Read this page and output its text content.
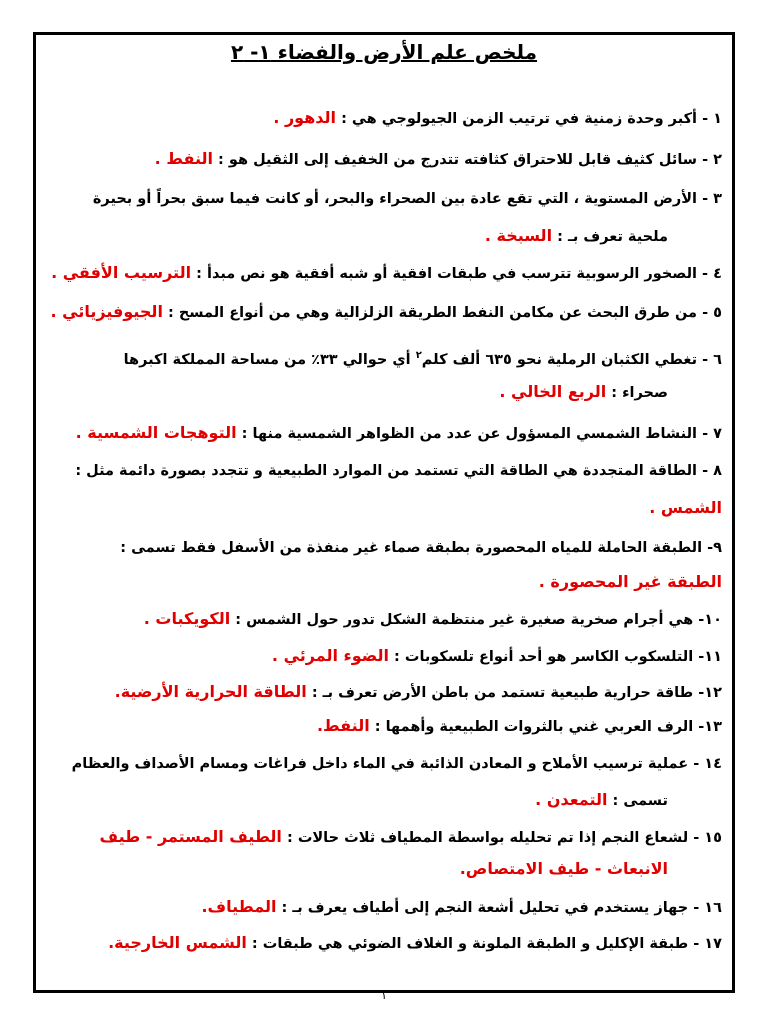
ملخص علم الأرض والفضاء ١- ٢
١ - أكبر وحدة زمنية في ترتيب الزمن الجيولوجي هي : الدهور .
٢ - سائل كثيف قابل للاحتراق كثافته تتدرج من الخفيف إلى الثقيل هو : النفط .
٣ - الأرض المستوية ، التي تقع عادة بين الصحراء والبحر، أو كانت فيما سبق بحراً أو بحيرة
ملحية تعرف بـ : السبخة .
٤ - الصخور الرسوبية تترسب في طبقات افقية أو شبه أفقية هو نص مبدأ : الترسيب الأفقي .
٥ - من طرق البحث عن مكامن النفط الطريقة الزلزالية وهي من أنواع المسح : الجيوفيزيائي .
٦ - تغطي الكثبان الرملية نحو ٦٣٥ ألف كلم$^٢$ أي حوالي ٣٣٪ من مساحة المملكة اكبرها
صحراء : الربع الخالي .
٧ - النشاط الشمسي المسؤول عن عدد من الظواهر الشمسية منها : التوهجات الشمسية .
٨ - الطاقة المتجددة هي الطاقة التي تستمد من الموارد الطبيعية و تتجدد بصورة دائمة مثل :
الشمس .
٩- الطبقة الحاملة للمياه المحصورة بطبقة صماء غير منفذة من الأسفل فقط تسمى :
الطبقة غير المحصورة .
١٠- هي أجرام صخرية صغيرة غير منتظمة الشكل تدور حول الشمس : الكويكبات .
١١- التلسكوب الكاسر هو أحد أنواع تلسكوبات : الضوء المرئي .
١٢- طاقة حرارية طبيعية تستمد من باطن الأرض تعرف بـ : الطاقة الحرارية الأرضية.
١٣- الرف العربي غني بالثروات الطبيعية وأهمها : النفط.
١٤ - عملية ترسيب الأملاح و المعادن الذائبة في الماء داخل فراغات ومسام الأصداف والعظام
تسمى : التمعدن .
١٥ - لشعاع النجم إذا تم تحليله بواسطة المطياف ثلاث حالات : الطيف المستمر - طيف
الانبعاث - طيف الامتصاص.
١٦ - جهاز يستخدم في تحليل أشعة النجم إلى أطياف يعرف بـ : المطياف.
١٧ - طبقة الإكليل و الطبقة الملونة و الغلاف الضوئي هي طبقات : الشمس الخارجية.
١
